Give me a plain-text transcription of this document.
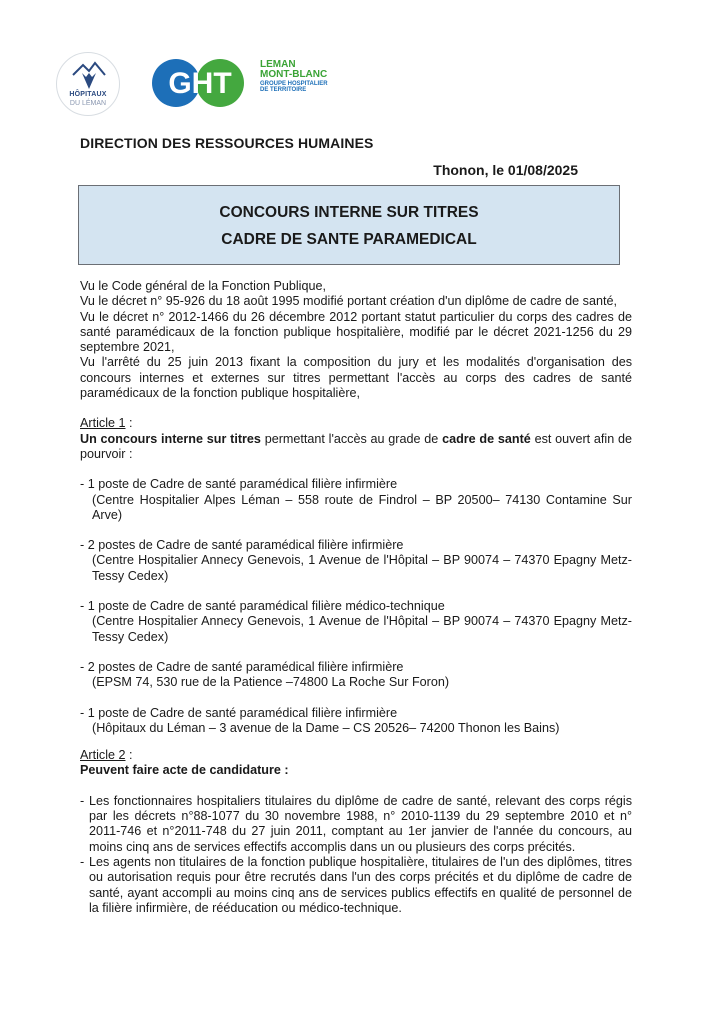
HÔPITAUX
DU LÉMAN
GHT
LEMAN
MONT-BLANC
GROUPE HOSPITALIER
DE TERRITOIRE
DIRECTION DES RESSOURCES HUMAINES
Thonon, le 01/08/2025
CONCOURS INTERNE SUR TITRES
CADRE DE SANTE PARAMEDICAL
Vu le Code général de la Fonction Publique,
Vu le décret n° 95-926 du 18 août 1995 modifié portant création d'un diplôme de cadre de santé,
Vu le décret n° 2012-1466 du 26 décembre 2012 portant statut particulier du corps des cadres de santé paramédicaux de la fonction publique hospitalière, modifié par le décret 2021-1256 du 29 septembre 2021,
Vu l'arrêté du 25 juin 2013 fixant la composition du jury et les modalités d'organisation des concours internes et externes sur titres permettant l'accès au corps des cadres de santé paramédicaux de la fonction publique hospitalière,
Article 1 :
Un concours interne sur titres permettant l'accès au grade de cadre de santé est ouvert afin de pourvoir :
- 1 poste de Cadre de santé paramédical filière infirmière
(Centre Hospitalier Alpes Léman – 558 route de Findrol – BP 20500– 74130 Contamine Sur Arve)
- 2 postes de Cadre de santé paramédical filière infirmière
(Centre Hospitalier Annecy Genevois, 1 Avenue de l'Hôpital – BP 90074 – 74370 Epagny Metz-Tessy Cedex)
- 1 poste de Cadre de santé paramédical filière médico-technique
(Centre Hospitalier Annecy Genevois, 1 Avenue de l'Hôpital – BP 90074 – 74370 Epagny Metz-Tessy Cedex)
- 2 postes de Cadre de santé paramédical filière infirmière
(EPSM 74, 530 rue de la Patience –74800 La Roche Sur Foron)
- 1 poste de Cadre de santé paramédical filière infirmière
(Hôpitaux du Léman – 3 avenue de la Dame – CS 20526– 74200 Thonon les Bains)
Article 2 :
Peuvent faire acte de candidature :
- Les fonctionnaires hospitaliers titulaires du diplôme de cadre de santé, relevant des corps régis par les décrets n°88-1077 du 30 novembre 1988, n° 2010-1139 du 29 septembre 2010 et n° 2011-746 et n°2011-748 du 27 juin 2011, comptant au 1er janvier de l'année du concours, au moins cinq ans de services effectifs accomplis dans un ou plusieurs des corps précités.
- Les agents non titulaires de la fonction publique hospitalière, titulaires de l'un des diplômes, titres ou autorisation requis pour être recrutés dans l'un des corps précités et du diplôme de cadre de santé, ayant accompli au moins cinq ans de services publics effectifs en qualité de personnel de la filière infirmière, de rééducation ou médico-technique.
